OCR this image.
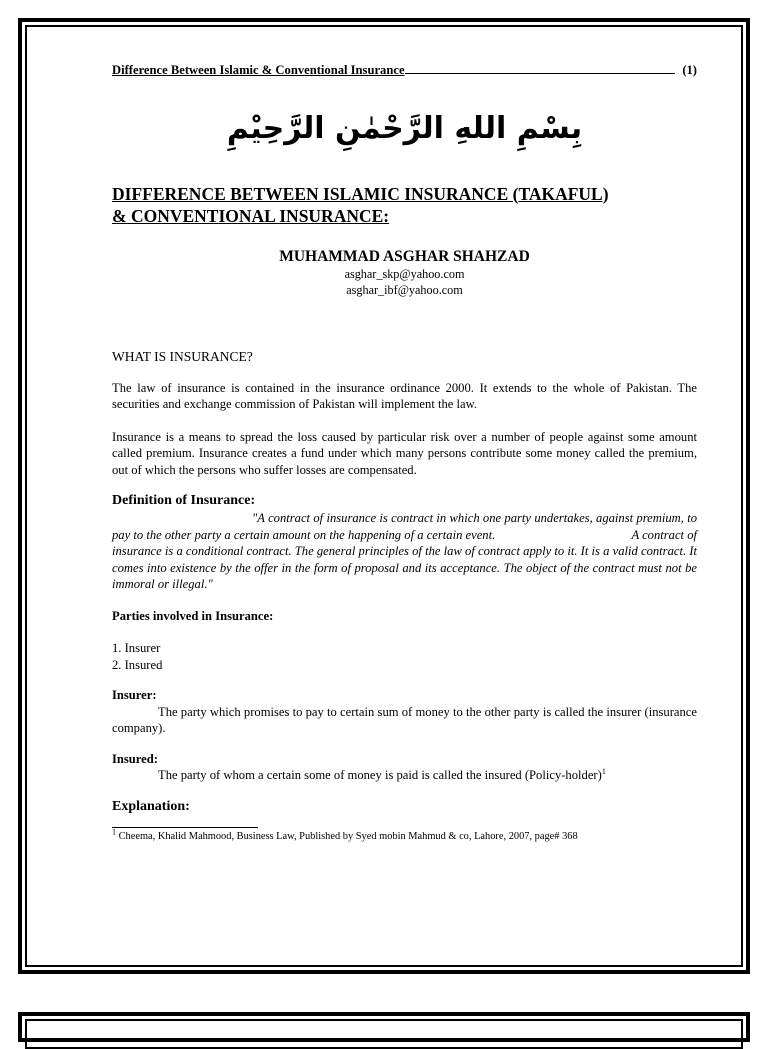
Difference Between Islamic & Conventional Insurance	(1)
بِسْمِ اللهِ الرَّحْمٰنِ الرَّحِيْمِ
DIFFERENCE BETWEEN ISLAMIC INSURANCE (TAKAFUL)
& CONVENTIONAL INSURANCE:
MUHAMMAD ASGHAR SHAHZAD
asghar_skp@yahoo.com
asghar_ibf@yahoo.com
WHAT IS INSURANCE?

The law of insurance is contained in the insurance ordinance 2000. It extends to the whole of Pakistan. The securities and exchange commission of Pakistan will implement the law.

Insurance is a means to spread the loss caused by particular risk over a number of people against some amount called premium. Insurance creates a fund under which many persons contribute some money called the premium, out of which the persons who suffer losses are compensated.

Definition of Insurance:
"A contract of insurance is contract in which one party undertakes, against premium, to pay to the other party a certain amount on the happening of a certain event.	A contract of insurance is a conditional contract. The general principles of the law of contract apply to it. It is a valid contract. It comes into existence by the offer in the form of proposal and its acceptance. The object of the contract must not be immoral or illegal."
Parties involved in Insurance:
1. Insurer
2. Insured
Insurer:

The party which promises to pay to certain sum of money to the other party is called the insurer (insurance company).

Insured:

The party of whom a certain some of money is paid is called the insured (Policy-holder)$^1$

Explanation:
$^1$ Cheema, Khalid Mahmood, Business Law, Published by Syed mobin Mahmud & co, Lahore, 2007, page# 368
